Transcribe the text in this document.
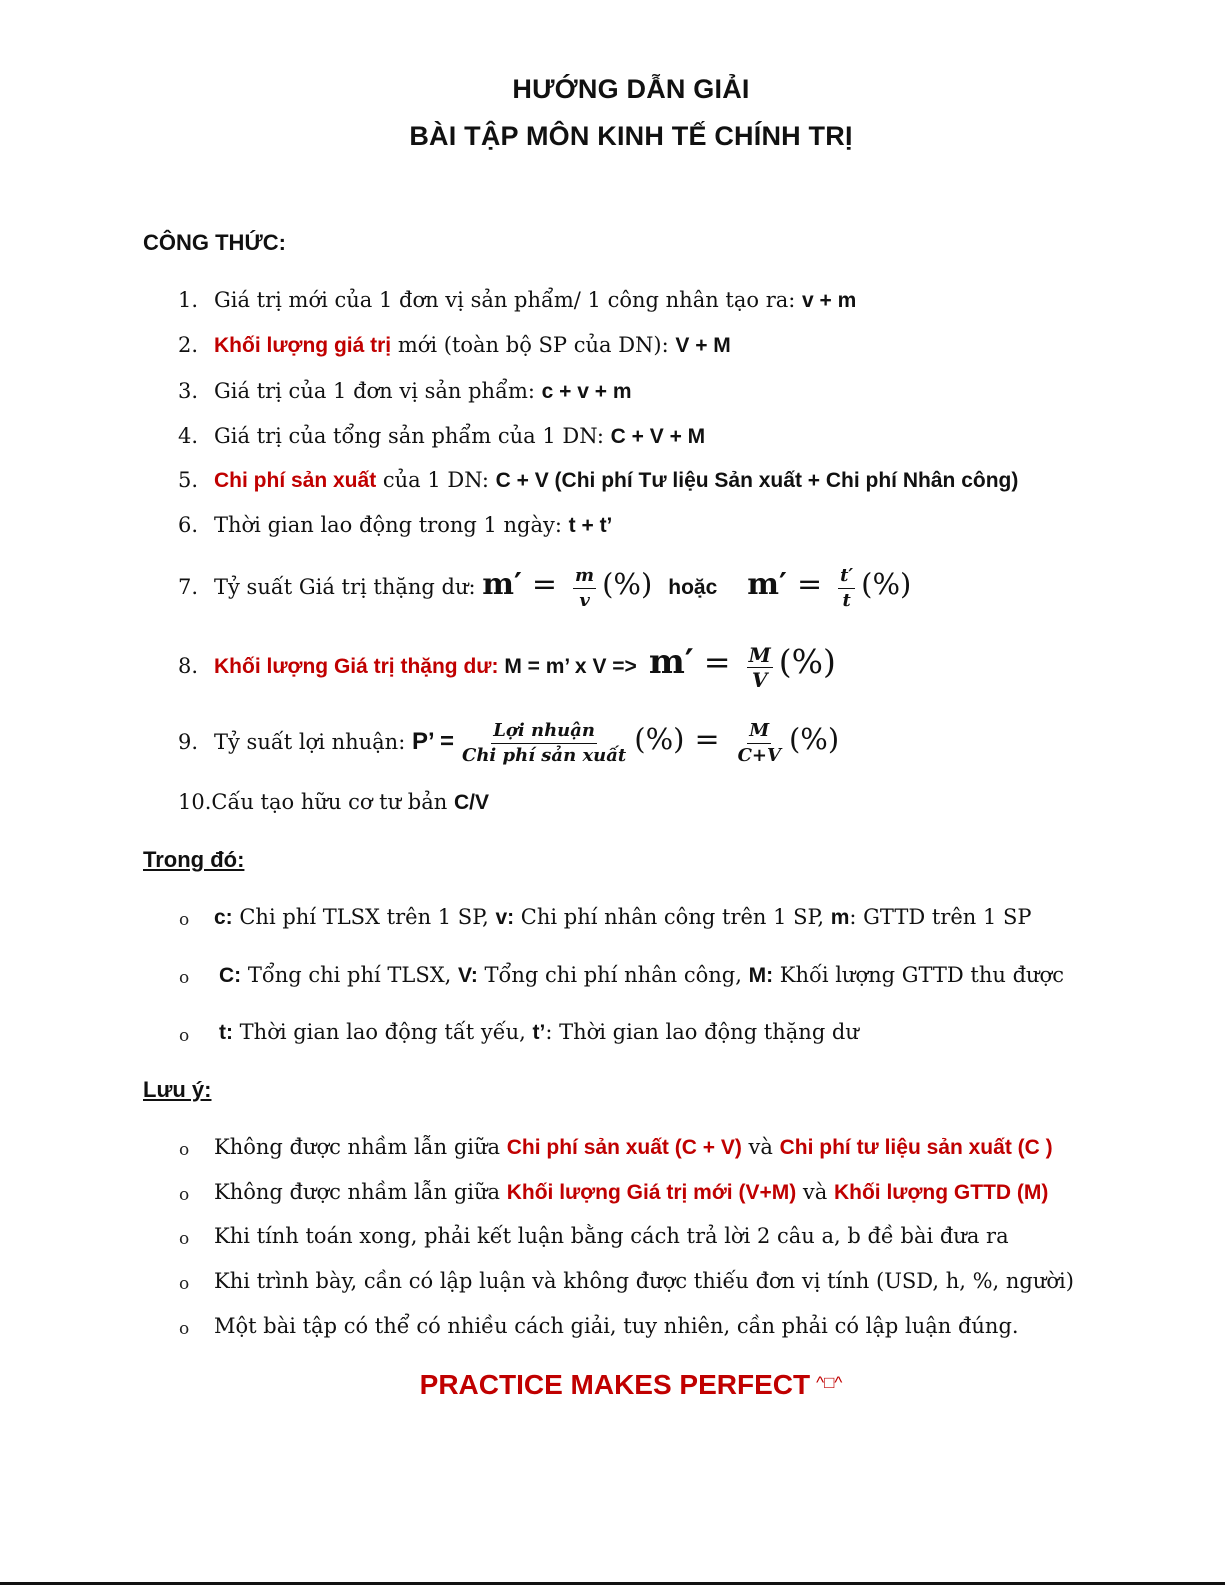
HƯỚNG DẪN GIẢI
BÀI TẬP MÔN KINH TẾ CHÍNH TRỊ
CÔNG THỨC:
1. Giá trị mới của 1 đơn vị sản phẩm/ 1 công nhân tạo ra: v + m
2. Khối lượng giá trị mới (toàn bộ SP của DN): V + M
3. Giá trị của 1 đơn vị sản phẩm: c + v + m
4. Giá trị của tổng sản phẩm của 1 DN: C + V + M
5. Chi phí sản xuất của 1 DN: C + V (Chi phí Tư liệu Sản xuất + Chi phí Nhân công)
6. Thời gian lao động trong 1 ngày: t + t’
7. Tỷ suất Giá trị thặng dư: $m' = \frac{m}{v}$ (%) hoặc $m' = \frac{t'}{t}$ (%)
8. Khối lượng Giá trị thặng dư: M = m’ x $V => m' = \frac{M}{V}$ (%)
9. Tỷ suất lợi nhuận: P’ = $\frac{\text{Lợi nhuận}}{\text{Chi phí sản xuất}}$ (%) = $\frac{M}{C+V}$ (%)
10.Cấu tạo hữu cơ tư bản C/V
Trong đó:
o c: Chi phí TLSX trên 1 SP, v: Chi phí nhân công trên 1 SP, m: GTTD trên 1 SP
o C: Tổng chi phí TLSX, V: Tổng chi phí nhân công, M: Khối lượng GTTD thu được
o t: Thời gian lao động tất yếu, t’: Thời gian lao động thặng dư
Lưu ý:
o Không được nhầm lẫn giữa Chi phí sản xuất (C + V) và Chi phí tư liệu sản xuất (C )
o Không được nhầm lẫn giữa Khối lượng Giá trị mới (V+M) và Khối lượng GTTD (M)
o Khi tính toán xong, phải kết luận bằng cách trả lời 2 câu a, b đề bài đưa ra
o Khi trình bày, cần có lập luận và không được thiếu đơn vị tính (USD, h, %, người)
o Một bài tập có thể có nhiều cách giải, tuy nhiên, cần phải có lập luận đúng.
PRACTICE MAKES PERFECT ^□^
